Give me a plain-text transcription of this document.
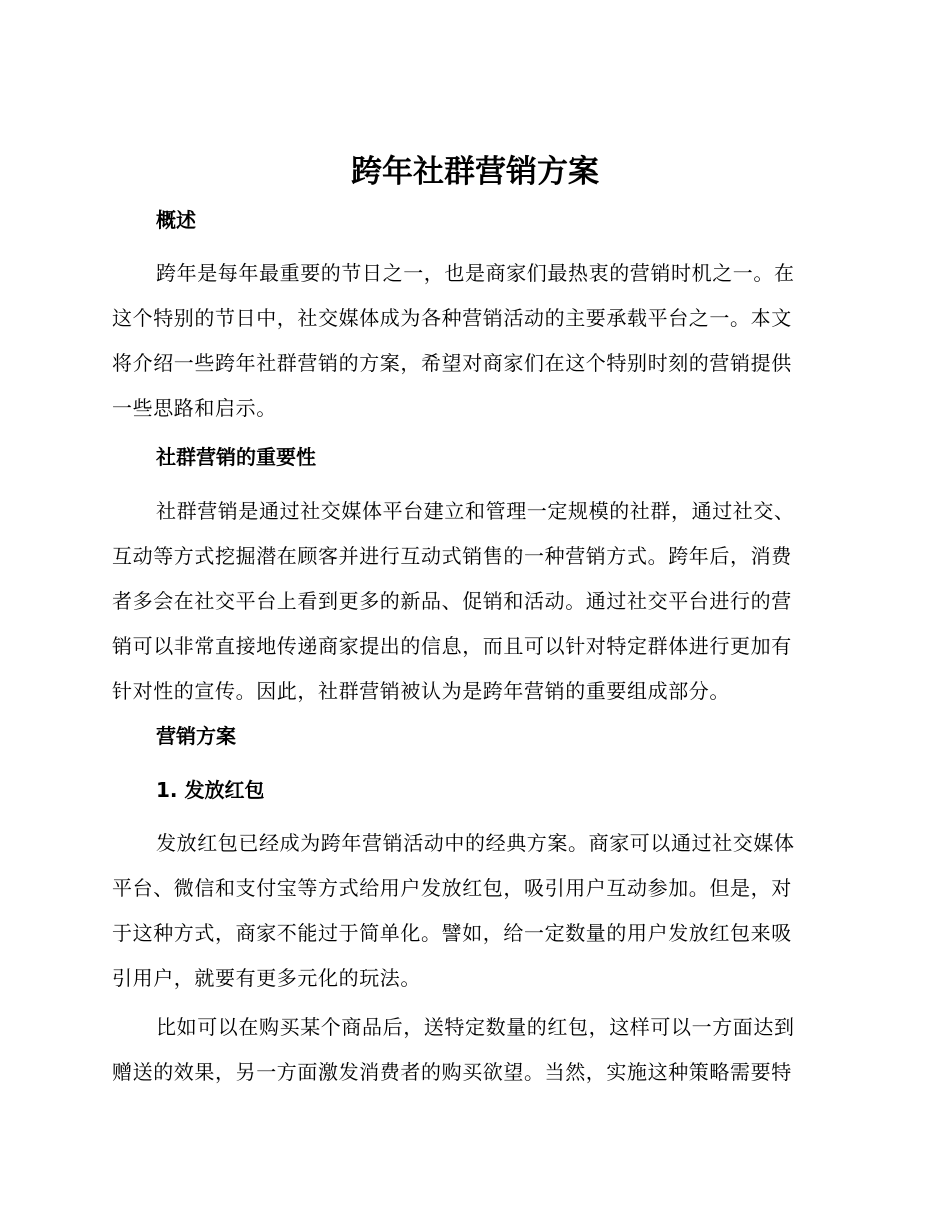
跨年社群营销方案
概述
跨年是每年最重要的节日之一，也是商家们最热衷的营销时机之一。在
这个特别的节日中，社交媒体成为各种营销活动的主要承载平台之一。本文
将介绍一些跨年社群营销的方案，希望对商家们在这个特别时刻的营销提供
一些思路和启示。
社群营销的重要性
社群营销是通过社交媒体平台建立和管理一定规模的社群，通过社交、
互动等方式挖掘潜在顾客并进行互动式销售的一种营销方式。跨年后，消费
者多会在社交平台上看到更多的新品、促销和活动。通过社交平台进行的营
销可以非常直接地传递商家提出的信息，而且可以针对特定群体进行更加有
针对性的宣传。因此，社群营销被认为是跨年营销的重要组成部分。
营销方案
1. 发放红包
发放红包已经成为跨年营销活动中的经典方案。商家可以通过社交媒体
平台、微信和支付宝等方式给用户发放红包，吸引用户互动参加。但是，对
于这种方式，商家不能过于简单化。譬如，给一定数量的用户发放红包来吸
引用户，就要有更多元化的玩法。
比如可以在购买某个商品后，送特定数量的红包，这样可以一方面达到
赠送的效果，另一方面激发消费者的购买欲望。当然，实施这种策略需要特
